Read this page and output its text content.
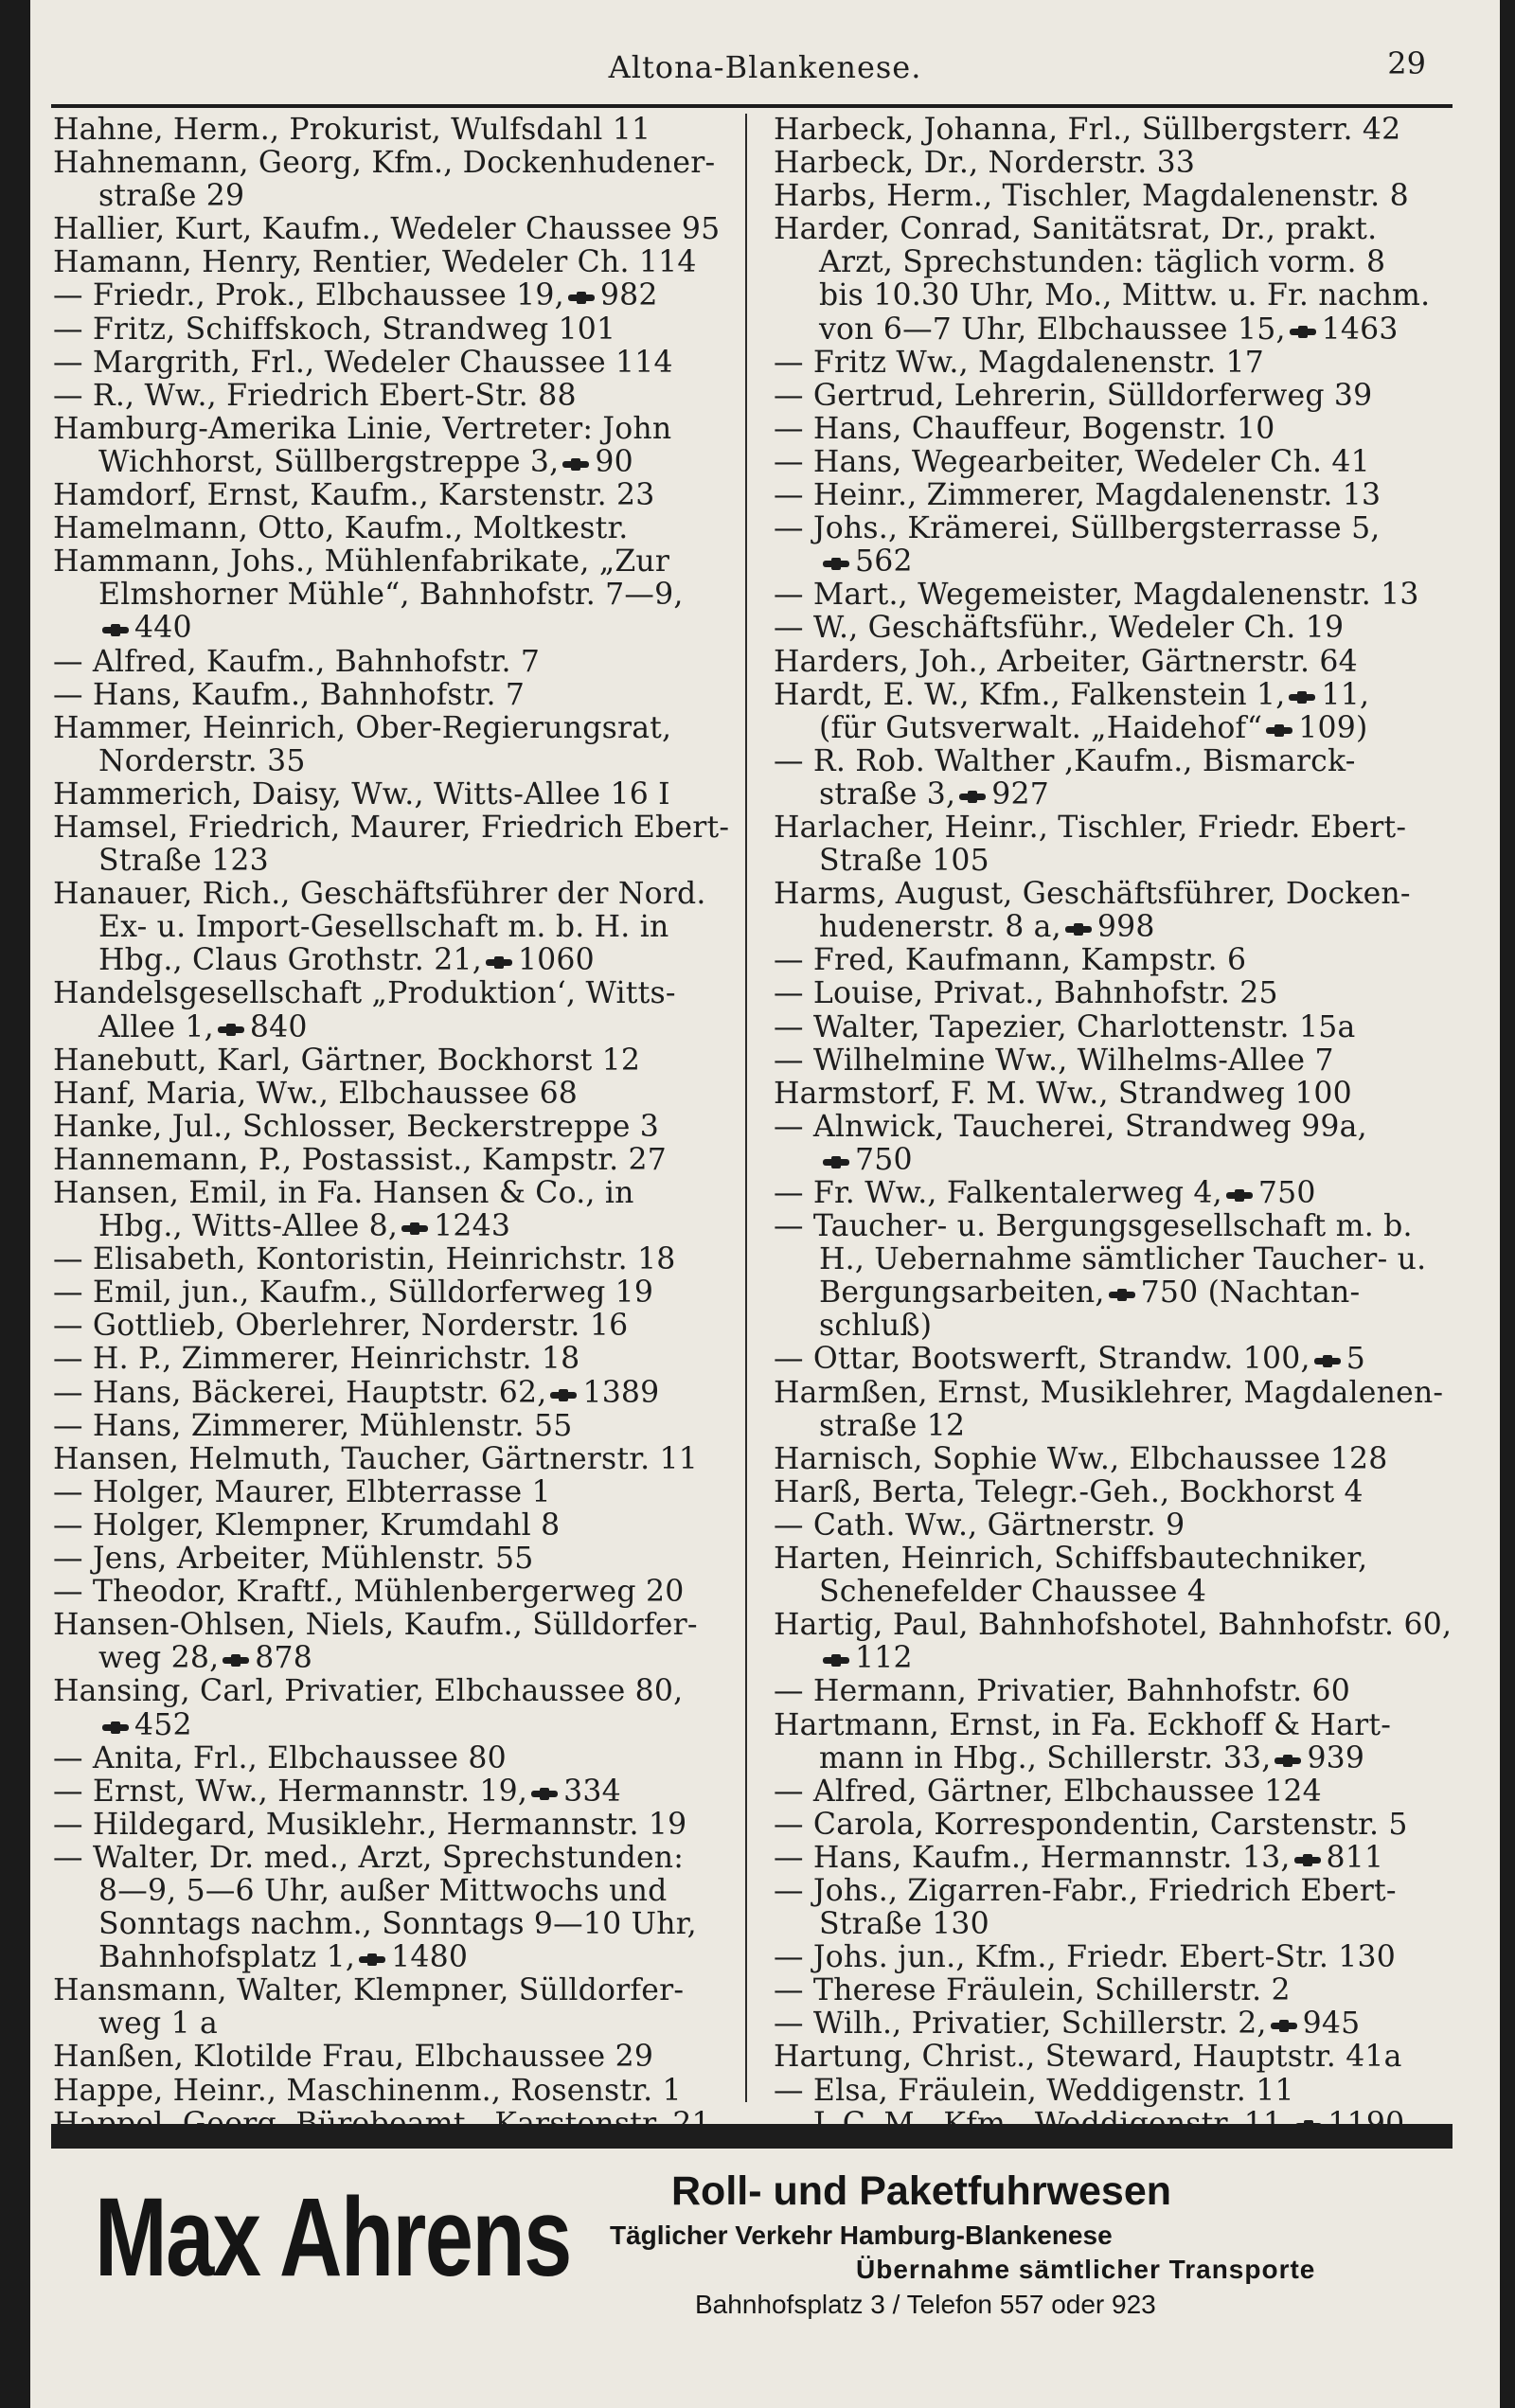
Altona-Blankenese.	29
Hahne, Herm., Prokurist, Wulfsdahl 11
Hahnemann, Georg, Kfm., Dockenhudener-
straße 29
Hallier, Kurt, Kaufm., Wedeler Chaussee 95
Hamann, Henry, Rentier, Wedeler Ch. 114
— Friedr., Prok., Elbchaussee 19, 982
— Fritz, Schiffskoch, Strandweg 101
— Margrith, Frl., Wedeler Chaussee 114
— R., Ww., Friedrich Ebert-Str. 88
Hamburg-Amerika Linie, Vertreter: John
Wichhorst, Süllbergstreppe 3, 90
Hamdorf, Ernst, Kaufm., Karstenstr. 23
Hamelmann, Otto, Kaufm., Moltkestr.
Hammann, Johs., Mühlenfabrikate, „Zur
Elmshorner Mühle“, Bahnhofstr. 7—9,
440
— Alfred, Kaufm., Bahnhofstr. 7
— Hans, Kaufm., Bahnhofstr. 7
Hammer, Heinrich, Ober-Regierungsrat,
Norderstr. 35
Hammerich, Daisy, Ww., Witts-Allee 16 I
Hamsel, Friedrich, Maurer, Friedrich Ebert-
Straße 123
Hanauer, Rich., Geschäftsführer der Nord.
Ex- u. Import-Gesellschaft m. b. H. in
Hbg., Claus Grothstr. 21, 1060
Handelsgesellschaft „Produktion‘, Witts-
Allee 1, 840
Hanebutt, Karl, Gärtner, Bockhorst 12
Hanf, Maria, Ww., Elbchaussee 68
Hanke, Jul., Schlosser, Beckerstreppe 3
Hannemann, P., Postassist., Kampstr. 27
Hansen, Emil, in Fa. Hansen & Co., in
Hbg., Witts-Allee 8, 1243
— Elisabeth, Kontoristin, Heinrichstr. 18
— Emil, jun., Kaufm., Sülldorferweg 19
— Gottlieb, Oberlehrer, Norderstr. 16
— H. P., Zimmerer, Heinrichstr. 18
— Hans, Bäckerei, Hauptstr. 62, 1389
— Hans, Zimmerer, Mühlenstr. 55
Hansen, Helmuth, Taucher, Gärtnerstr. 11
— Holger, Maurer, Elbterrasse 1
— Holger, Klempner, Krumdahl 8
— Jens, Arbeiter, Mühlenstr. 55
— Theodor, Kraftf., Mühlenbergerweg 20
Hansen-Ohlsen, Niels, Kaufm., Sülldorfer-
weg 28, 878
Hansing, Carl, Privatier, Elbchaussee 80,
452
— Anita, Frl., Elbchaussee 80
— Ernst, Ww., Hermannstr. 19, 334
— Hildegard, Musiklehr., Hermannstr. 19
— Walter, Dr. med., Arzt, Sprechstunden:
8—9, 5—6 Uhr, außer Mittwochs und
Sonntags nachm., Sonntags 9—10 Uhr,
Bahnhofsplatz 1, 1480
Hansmann, Walter, Klempner, Sülldorfer-
weg 1 a
Hanßen, Klotilde Frau, Elbchaussee 29
Happe, Heinr., Maschinenm., Rosenstr. 1
Harbeck, Johanna, Frl., Süllbergsterr. 42
Harbeck, Dr., Norderstr. 33
Harbs, Herm., Tischler, Magdalenenstr. 8
Harder, Conrad, Sanitätsrat, Dr., prakt.
Arzt, Sprechstunden: täglich vorm. 8
bis 10.30 Uhr, Mo., Mittw. u. Fr. nachm.
von 6—7 Uhr, Elbchaussee 15, 1463
— Fritz Ww., Magdalenenstr. 17
— Gertrud, Lehrerin, Sülldorferweg 39
— Hans, Chauffeur, Bogenstr. 10
— Hans, Wegearbeiter, Wedeler Ch. 41
— Heinr., Zimmerer, Magdalenenstr. 13
— Johs., Krämerei, Süllbergsterrasse 5,
562
— Mart., Wegemeister, Magdalenenstr. 13
— W., Geschäftsführ., Wedeler Ch. 19
Harders, Joh., Arbeiter, Gärtnerstr. 64
Hardt, E. W., Kfm., Falkenstein 1, 11,
(für Gutsverwalt. „Haidehof“ 109)
— R. Rob. Walther ‚Kaufm., Bismarck-
straße 3, 927
Harlacher, Heinr., Tischler, Friedr. Ebert-
Straße 105
Harms, August, Geschäftsführer, Docken-
hudenerstr. 8 a, 998
— Fred, Kaufmann, Kampstr. 6
— Louise, Privat., Bahnhofstr. 25
— Walter, Tapezier, Charlottenstr. 15a
— Wilhelmine Ww., Wilhelms-Allee 7
Harmstorf, F. M. Ww., Strandweg 100
— Alnwick, Taucherei, Strandweg 99a,
750
— Fr. Ww., Falkentalerweg 4, 750
— Taucher- u. Bergungsgesellschaft m. b.
H., Uebernahme sämtlicher Taucher- u.
Bergungsarbeiten, 750 (Nachtan-
schluß)
— Ottar, Bootswerft, Strandw. 100, 5
Harmßen, Ernst, Musiklehrer, Magdalenen-
straße 12
Harnisch, Sophie Ww., Elbchaussee 128
Harß, Berta, Telegr.-Geh., Bockhorst 4
— Cath. Ww., Gärtnerstr. 9
Harten, Heinrich, Schiffsbautechniker,
Schenefelder Chaussee 4
Hartig, Paul, Bahnhofshotel, Bahnhofstr. 60,
112
— Hermann, Privatier, Bahnhofstr. 60
Hartmann, Ernst, in Fa. Eckhoff & Hart-
mann in Hbg., Schillerstr. 33, 939
— Alfred, Gärtner, Elbchaussee 124
— Carola, Korrespondentin, Carstenstr. 5
— Hans, Kaufm., Hermannstr. 13, 811
— Johs., Zigarren-Fabr., Friedrich Ebert-
Straße 130
— Johs. jun., Kfm., Friedr. Ebert-Str. 130
— Therese Fräulein, Schillerstr. 2
— Wilh., Privatier, Schillerstr. 2, 945
Hartung, Christ., Steward, Hauptstr. 41a
— Elsa, Fräulein, Weddigenstr. 11
Max Ahrens Roll- und Paketfuhrwesen
Täglicher Verkehr Hamburg-Blankenese
Übernahme sämtlicher Transporte
Bahnhofsplatz 3 / Telefon 557 oder 923
